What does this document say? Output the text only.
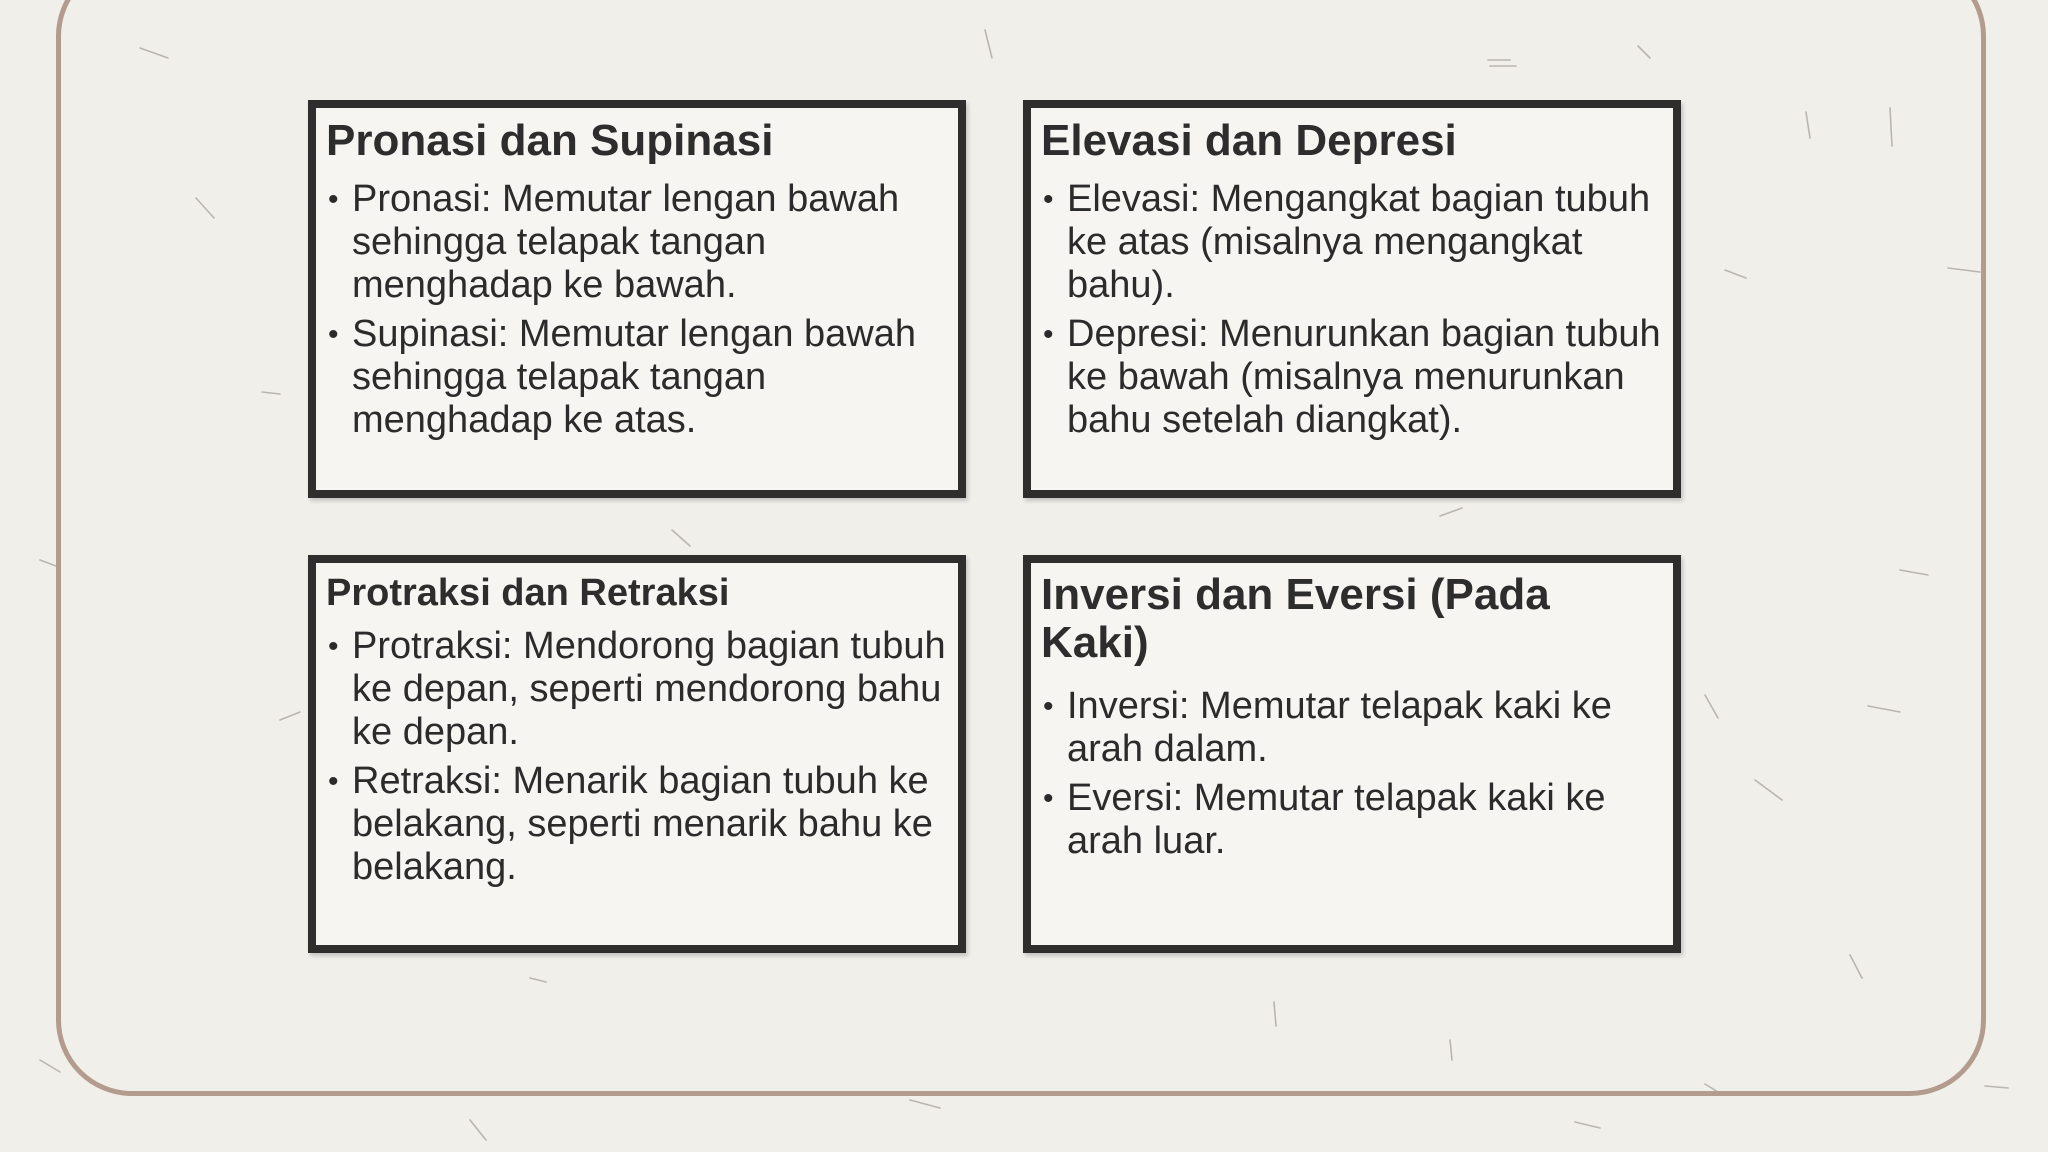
Pronasi dan Supinasi
• Pronasi: Memutar lengan bawah sehingga telapak tangan menghadap ke bawah.
• Supinasi: Memutar lengan bawah sehingga telapak tangan menghadap ke atas.
Elevasi dan Depresi
• Elevasi: Mengangkat bagian tubuh ke atas (misalnya mengangkat bahu).
• Depresi: Menurunkan bagian tubuh ke bawah (misalnya menurunkan bahu setelah diangkat).
Protraksi dan Retraksi
• Protraksi: Mendorong bagian tubuh ke depan, seperti mendorong bahu ke depan.
• Retraksi: Menarik bagian tubuh ke belakang, seperti menarik bahu ke belakang.
Inversi dan Eversi (Pada Kaki)
• Inversi: Memutar telapak kaki ke arah dalam.
• Eversi: Memutar telapak kaki ke arah luar.
